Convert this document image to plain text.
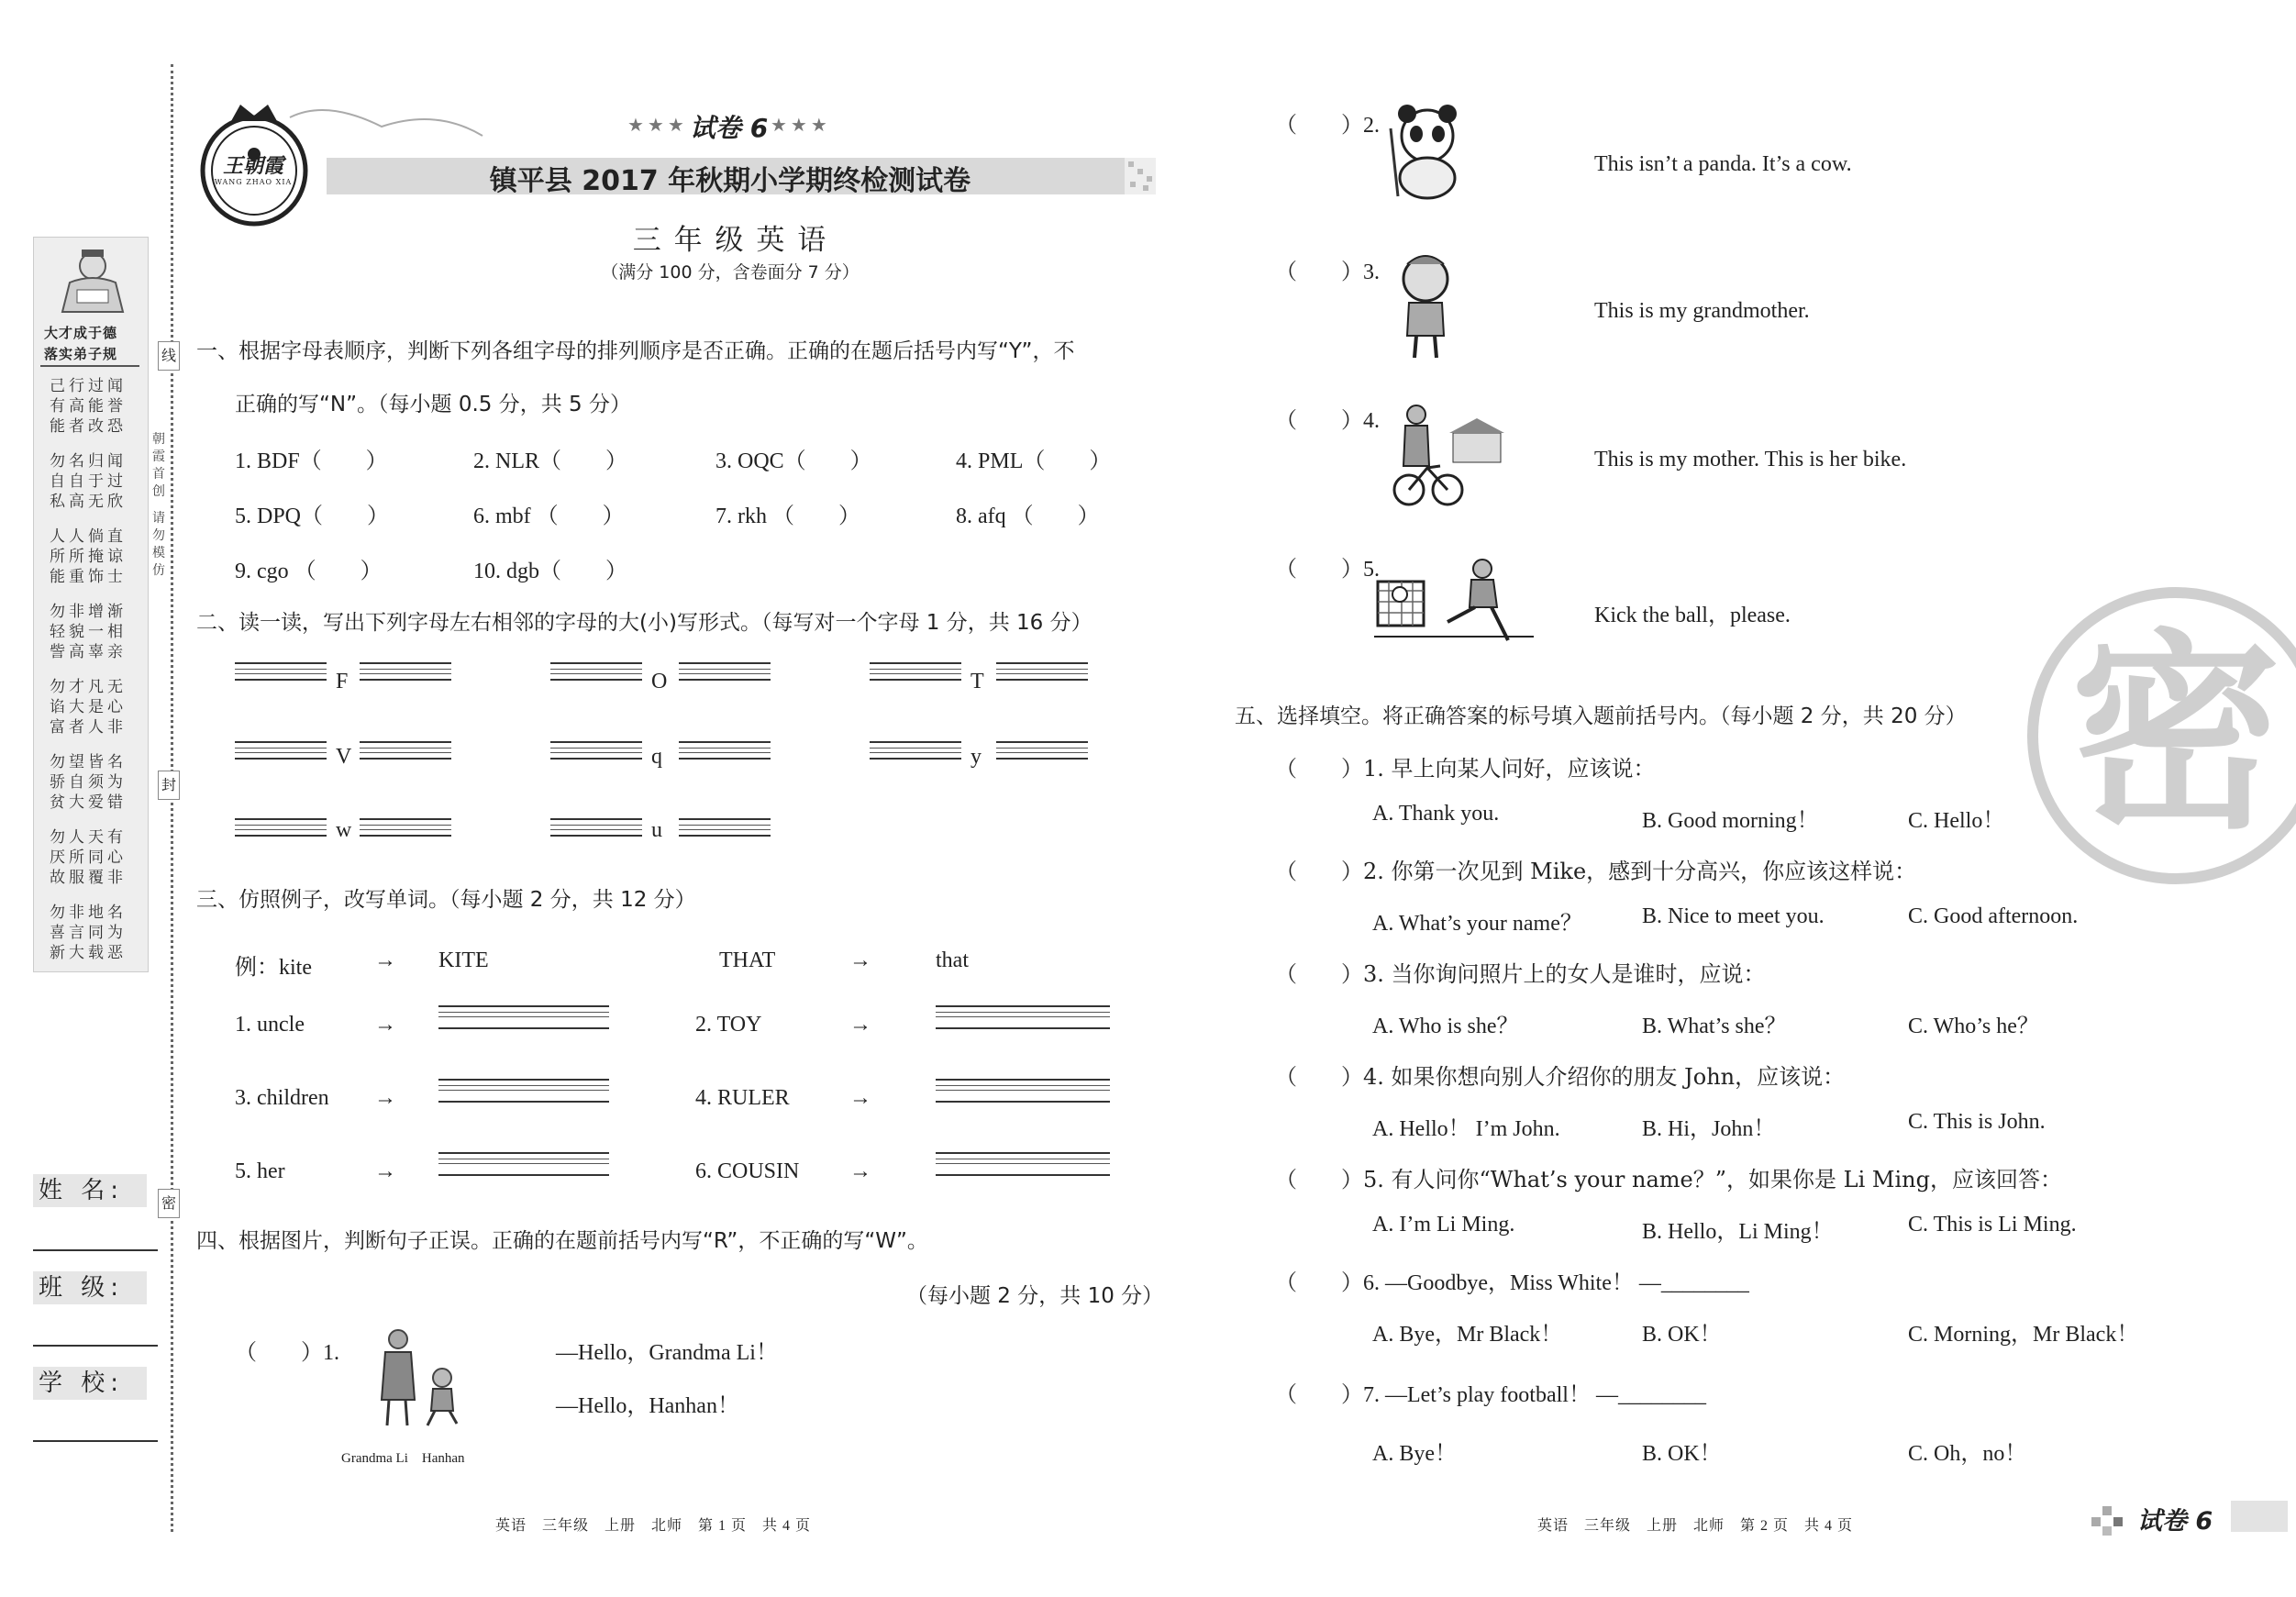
大才成于德
落实弟子规
己行过闻
有高能誉
能者改恐
勿名归闻
自自于过
私高无欣
人人倘直
所所掩谅
能重饰士
勿非增渐
轻貌一相
訾高辜亲
勿才凡无
谄大是心
富者人非
勿望皆名
骄自须为
贫大爱错
勿人天有
厌所同心
故服覆非
勿非地名
喜言同为
新大载恶
姓 名:
班 级:
学 校:
线
封
密
朝
霞
首
创
请
勿
模
仿
王朝霞
WANG ZHAO XIA
★★★ 试卷 6 ★★★
镇平县 2017 年秋期小学期终检测试卷
三 年 级 英 语
（满分 100 分，含卷面分 7 分）
一、根据字母表顺序，判断下列各组字母的排列顺序是否正确。正确的在题后括号内写“Y”，不
正确的写“N”。（每小题 0.5 分，共 5 分）
1. BDF（　　）	2. NLR（　　）	3. OQC（　　）	4. PML（　　）
5. DPQ（　　）	6. mbf （　　）	7. rkh （　　）	8. afq （　　）
9. cgo （　　）	10. dgb（　　）
二、读一读，写出下列字母左右相邻的字母的大(小)写形式。（每写对一个字母 1 分，共 16 分）
F	O	T
V	q	y
w	u
三、仿照例子，改写单词。（每小题 2 分，共 12 分）
例：kite	→ KITE	THAT	→	that
1. uncle	→	2. TOY	→
3. children →	4. RULER	→
5. her	→	6. COUSIN →
四、根据图片，判断句子正误。正确的在题前括号内写“R”，不正确的写“W”。
（每小题 2 分，共 10 分）
（　　）1.
Grandma Li　Hanhan
—Hello，Grandma Li！
—Hello，Hanhan！
（　　）2.
This isn’t a panda. It’s a cow.
（　　）3.
This is my grandmother.
（　　）4.
This is my mother. This is her bike.
（　　）5.
Kick the ball，please.
五、选择填空。将正确答案的标号填入题前括号内。（每小题 2 分，共 20 分）
（　　）1. 早上向某人问好，应该说：
A. Thank you.	B. Good morning！	C. Hello！
（　　）2. 你第一次见到 Mike，感到十分高兴，你应该这样说：
A. What’s your name？	B. Nice to meet you.	C. Good afternoon.
（　　）3. 当你询问照片上的女人是谁时，应说：
A. Who is she？	B. What’s she？	C. Who’s he？
（　　）4. 如果你想向别人介绍你的朋友 John，应该说：
A. Hello！ I’m John.	B. Hi，John！	C. This is John.
（　　）5. 有人问你“What’s your name？”，如果你是 Li Ming，应该回答：
A. I’m Li Ming.	B. Hello，Li Ming！	C. This is Li Ming.
（　　）6. —Goodbye，Miss White！ —________
A. Bye，Mr Black！	B. OK！	C. Morning，Mr Black！
（　　）7. —Let’s play football！ —________
A. Bye！	B. OK！	C. Oh，no！
密
英语　三年级　上册　北师　第 1 页　共 4 页	英语　三年级　上册　北师　第 2 页　共 4 页	试卷 6
